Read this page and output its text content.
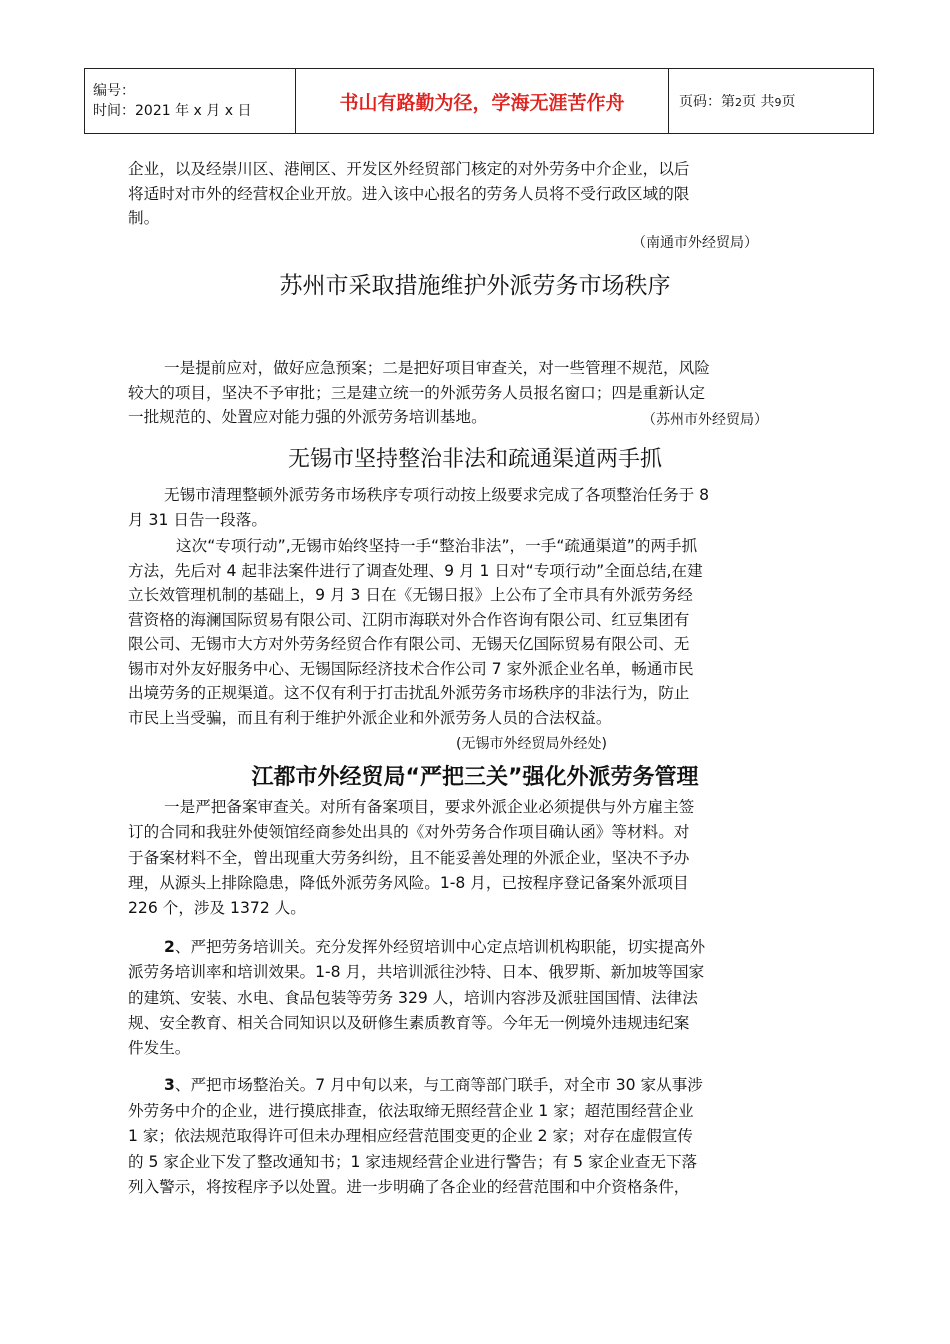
编号：
时间：2021 年 x 月 x 日	书山有路勤为径，学海无涯苦作舟	页码：第2页 共9页
企业，以及经崇川区、港闸区、开发区外经贸部门核定的对外劳务中介企业，以后
将适时对市外的经营权企业开放。进入该中心报名的劳务人员将不受行政区域的限
制。

（南通市外经贸局）

苏州市采取措施维护外派劳务市场秩序
一是提前应对，做好应急预案；二是把好项目审查关，对一些管理不规范，风险
较大的项目，坚决不予审批；三是建立统一的外派劳务人员报名窗口；四是重新认定
一批规范的、处置应对能力强的外派劳务培训基地。	（苏州市外经贸局）

无锡市坚持整治非法和疏通渠道两手抓
无锡市清理整顿外派劳务市场秩序专项行动按上级要求完成了各项整治任务于 8
月 31 日告一段落。
这次“专项行动”,无锡市始终坚持一手“整治非法”，一手“疏通渠道”的两手抓
方法，先后对 4 起非法案件进行了调查处理、9 月 1 日对“专项行动”全面总结,在建
立长效管理机制的基础上，9 月 3 日在《无锡日报》上公布了全市具有外派劳务经
营资格的海澜国际贸易有限公司、江阴市海联对外合作咨询有限公司、红豆集团有
限公司、无锡市大方对外劳务经贸合作有限公司、无锡天亿国际贸易有限公司、无
锡市对外友好服务中心、无锡国际经济技术合作公司 7 家外派企业名单，畅通市民
出境劳务的正规渠道。这不仅有利于打击扰乱外派劳务市场秩序的非法行为，防止
市民上当受骗，而且有利于维护外派企业和外派劳务人员的合法权益。

(无锡市外经贸局外经处)

江都市外经贸局“严把三关”强化外派劳务管理
一是严把备案审查关。对所有备案项目，要求外派企业必须提供与外方雇主签
订的合同和我驻外使领馆经商参处出具的《对外劳务合作项目确认函》等材料。对
于备案材料不全，曾出现重大劳务纠纷，且不能妥善处理的外派企业，坚决不予办
理，从源头上排除隐患，降低外派劳务风险。1-8 月，已按程序登记备案外派项目
226 个，涉及 1372 人。
2、严把劳务培训关。充分发挥外经贸培训中心定点培训机构职能，切实提高外
派劳务培训率和培训效果。1-8 月，共培训派往沙特、日本、俄罗斯、新加坡等国家
的建筑、安装、水电、食品包装等劳务 329 人，培训内容涉及派驻国国情、法律法
规、安全教育、相关合同知识以及研修生素质教育等。今年无一例境外违规违纪案
件发生。
3、严把市场整治关。7 月中旬以来，与工商等部门联手，对全市 30 家从事涉
外劳务中介的企业，进行摸底排查，依法取缔无照经营企业 1 家；超范围经营企业
1 家；依法规范取得许可但未办理相应经营范围变更的企业 2 家；对存在虚假宣传
的 5 家企业下发了整改通知书；1 家违规经营企业进行警告；有 5 家企业查无下落
列入警示，将按程序予以处置。进一步明确了各企业的经营范围和中介资格条件，
